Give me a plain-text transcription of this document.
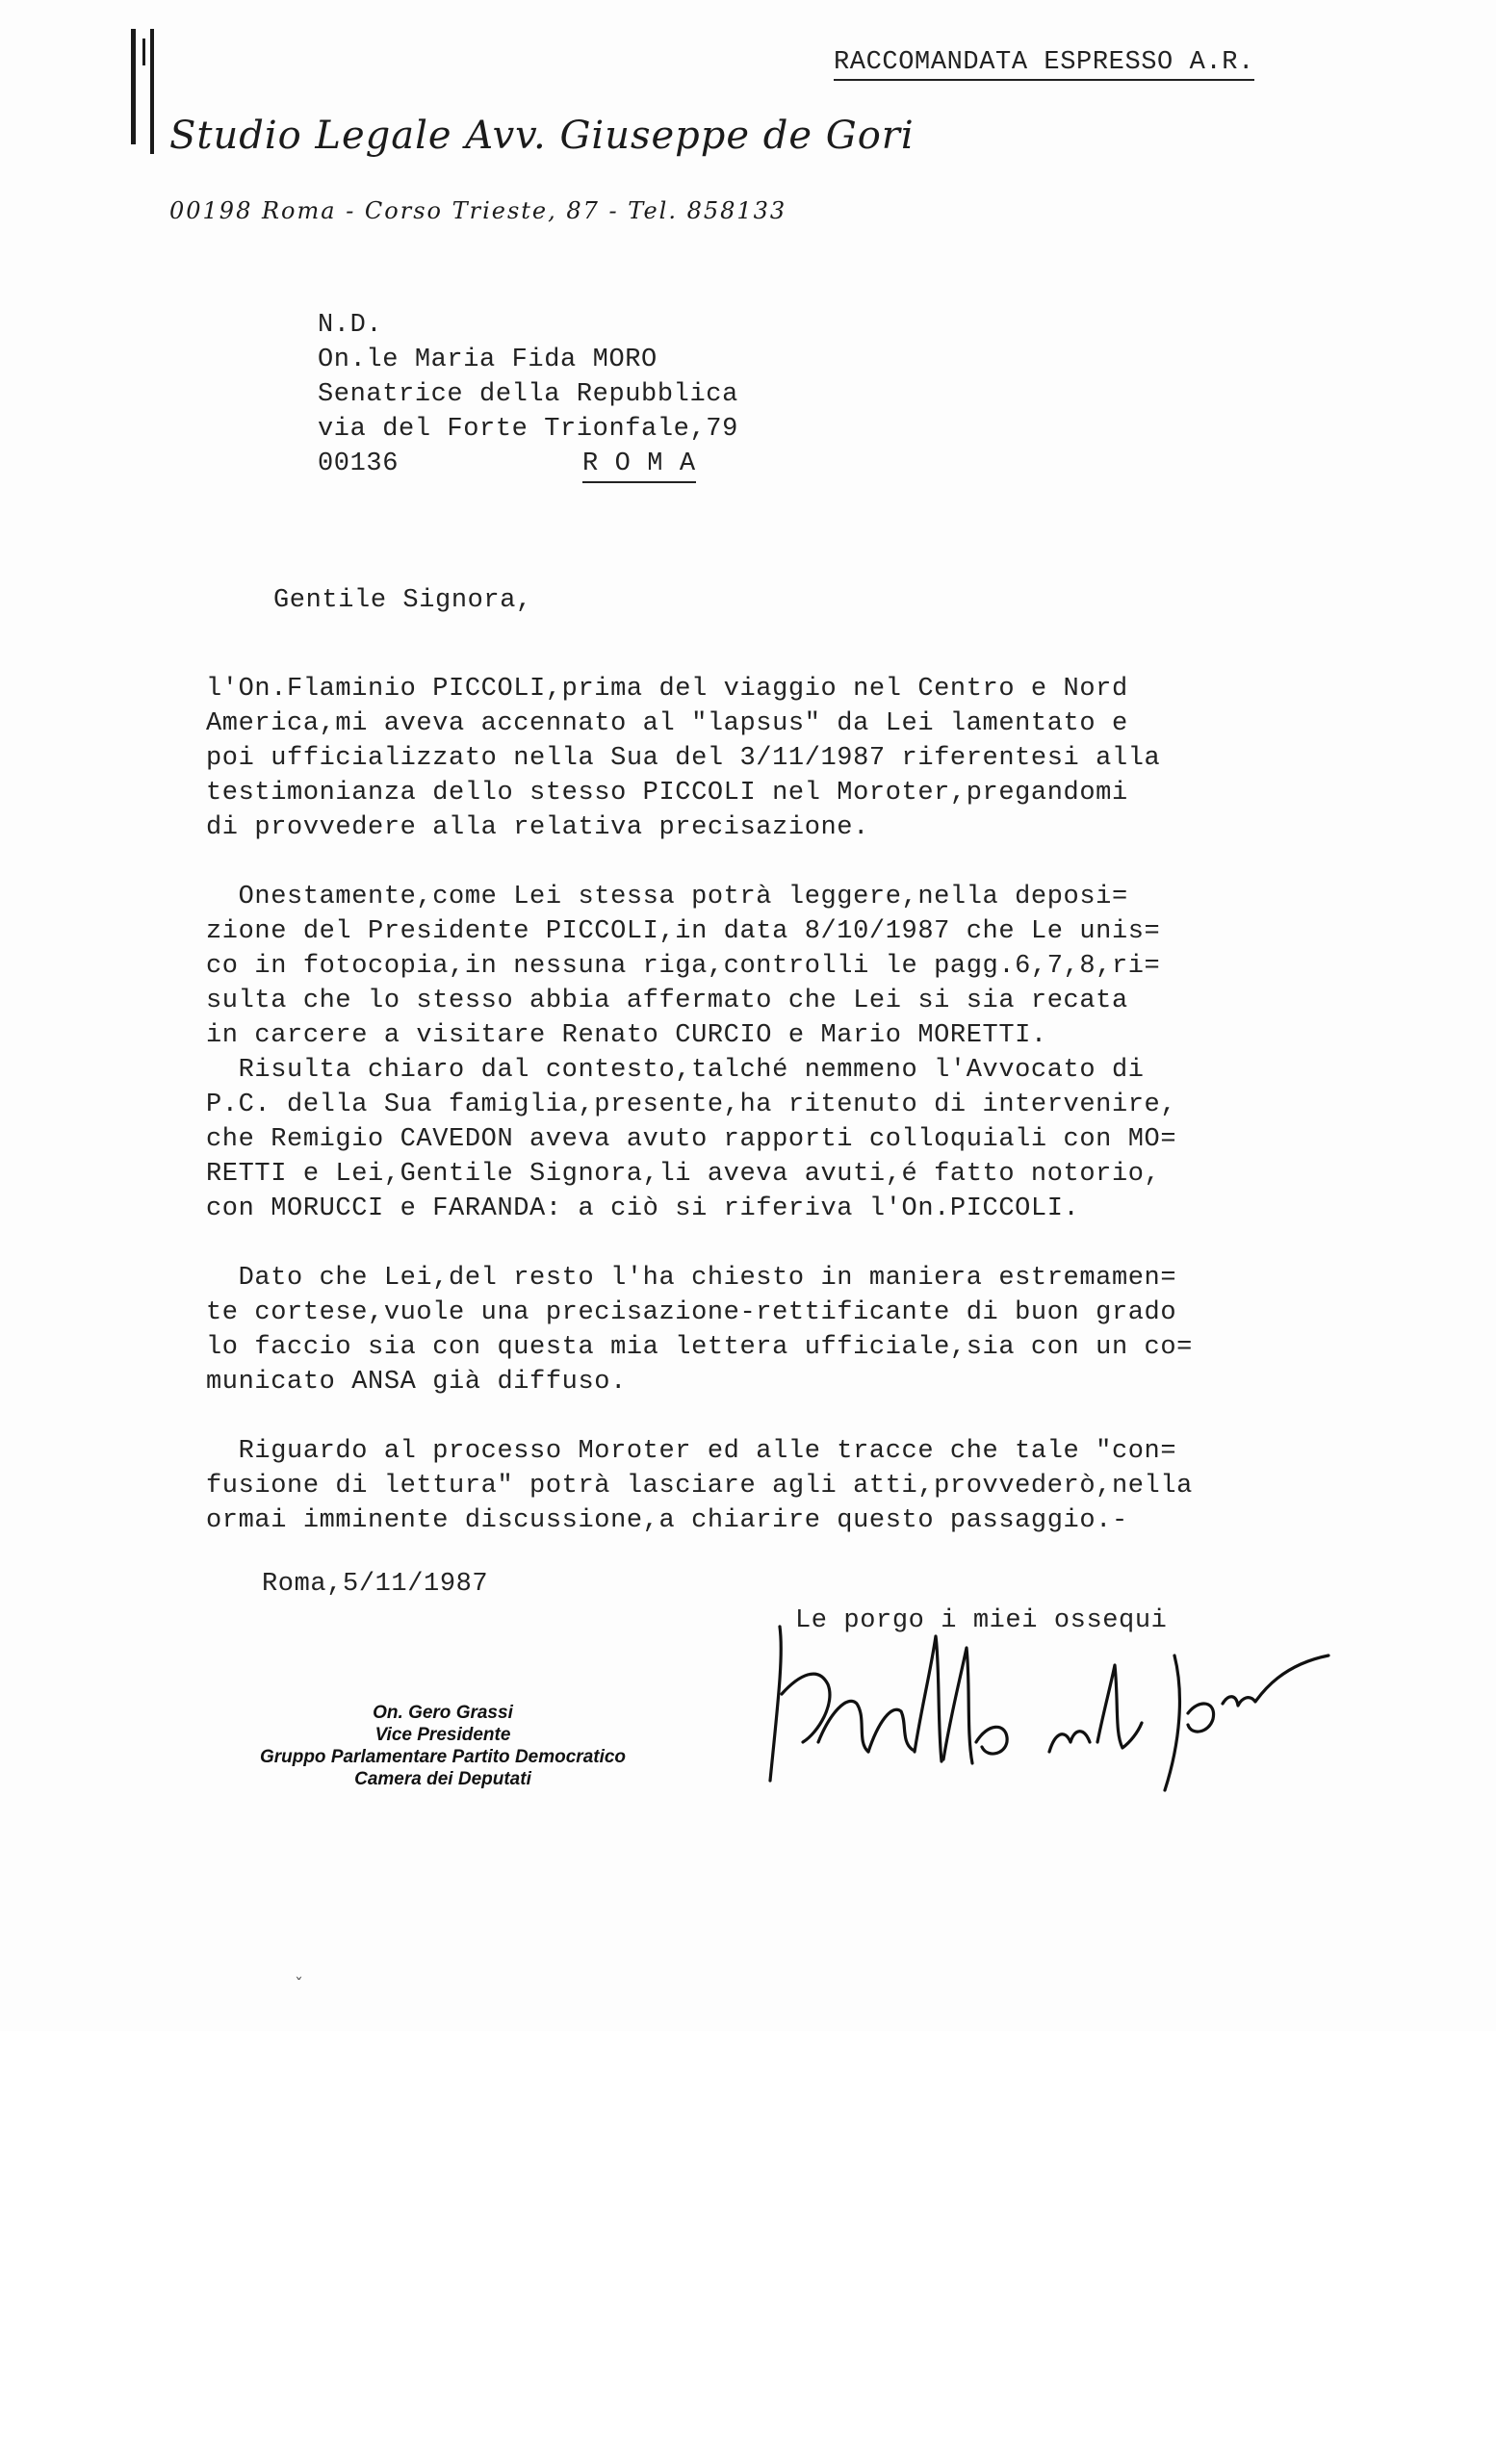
RACCOMANDATA ESPRESSO A.R.
Studio Legale Avv. Giuseppe de Gori
00198 Roma - Corso Trieste, 87 - Tel. 858133
N.D.
On.le Maria Fida MORO
Senatrice della Repubblica
via del Forte Trionfale,79
00136	R O M A
Gentile Signora,
l'On.Flaminio PICCOLI,prima del viaggio nel Centro e Nord
America,mi aveva accennato al "lapsus" da Lei lamentato e
poi ufficializzato nella Sua del 3/11/1987 riferentesi alla
testimonianza dello stesso PICCOLI nel Moroter,pregandomi
di provvedere alla relativa precisazione.
Onestamente,come Lei stessa potrà leggere,nella deposi=
zione del Presidente PICCOLI,in data 8/10/1987 che Le unis=
co in fotocopia,in nessuna riga,controlli le pagg.6,7,8,ri=
sulta che lo stesso abbia affermato che Lei si sia recata
in carcere a visitare Renato CURCIO e Mario MORETTI.
Risulta chiaro dal contesto,talché nemmeno l'Avvocato di
P.C. della Sua famiglia,presente,ha ritenuto di intervenire,
che Remigio CAVEDON aveva avuto rapporti colloquiali con MO=
RETTI e Lei,Gentile Signora,li aveva avuti,é fatto notorio,
con MORUCCI e FARANDA: a ciò si riferiva l'On.PICCOLI.
Dato che Lei,del resto l'ha chiesto in maniera estremamen=
te cortese,vuole una precisazione-rettificante di buon grado
lo faccio sia con questa mia lettera ufficiale,sia con un co=
municato ANSA già diffuso.
Riguardo al processo Moroter ed alle tracce che tale "con=
fusione di lettura" potrà lasciare agli atti,provvederò,nella
ormai imminente discussione,a chiarire questo passaggio.-
Roma,5/11/1987
Le porgo i miei ossequi
On. Gero Grassi
Vice Presidente
Gruppo Parlamentare Partito Democratico
Camera dei Deputati
ˇ
